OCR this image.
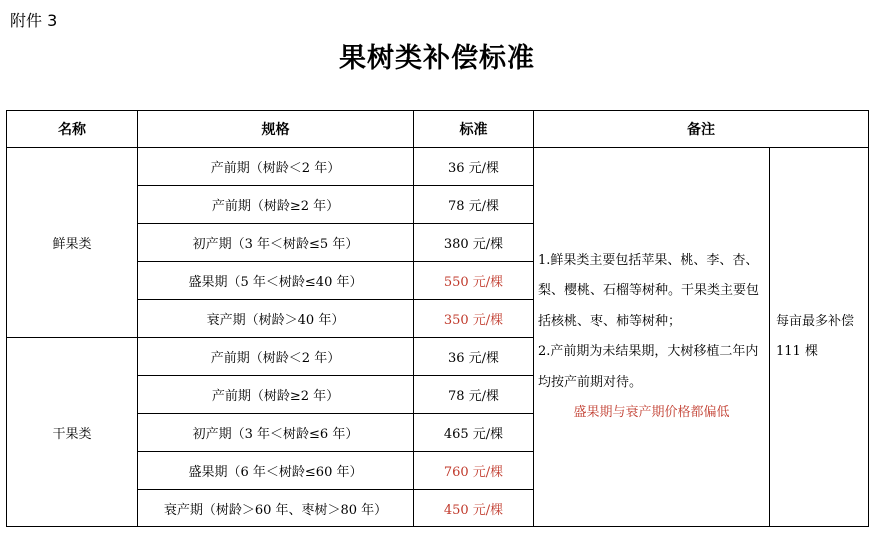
附件 3
果树类补偿标准
名称	规格	标准	备注	
鲜果类	产前期（树龄＜2 年）	36 元/棵	1.鲜果类主要包括苹果、桃、李、杏、梨、樱桃、石榴等树种。干果类主要包括核桃、枣、柿等树种；
2.产前期为未结果期，大树移植二年内均按产前期对待。
盛果期与衰产期价格都偏低	每亩最多补偿 111 棵
	产前期（树龄≥2 年）	78 元/棵		
	初产期（3 年＜树龄≤5 年）	380 元/棵		
	盛果期（5 年＜树龄≤40 年）	550 元/棵		
	衰产期（树龄＞40 年）	350 元/棵		
干果类	产前期（树龄＜2 年）	36 元/棵		
	产前期（树龄≥2 年）	78 元/棵		
	初产期（3 年＜树龄≤6 年）	465 元/棵		
	盛果期（6 年＜树龄≤60 年）	760 元/棵		
	衰产期（树龄＞60 年、枣树＞80 年）	450 元/棵		
